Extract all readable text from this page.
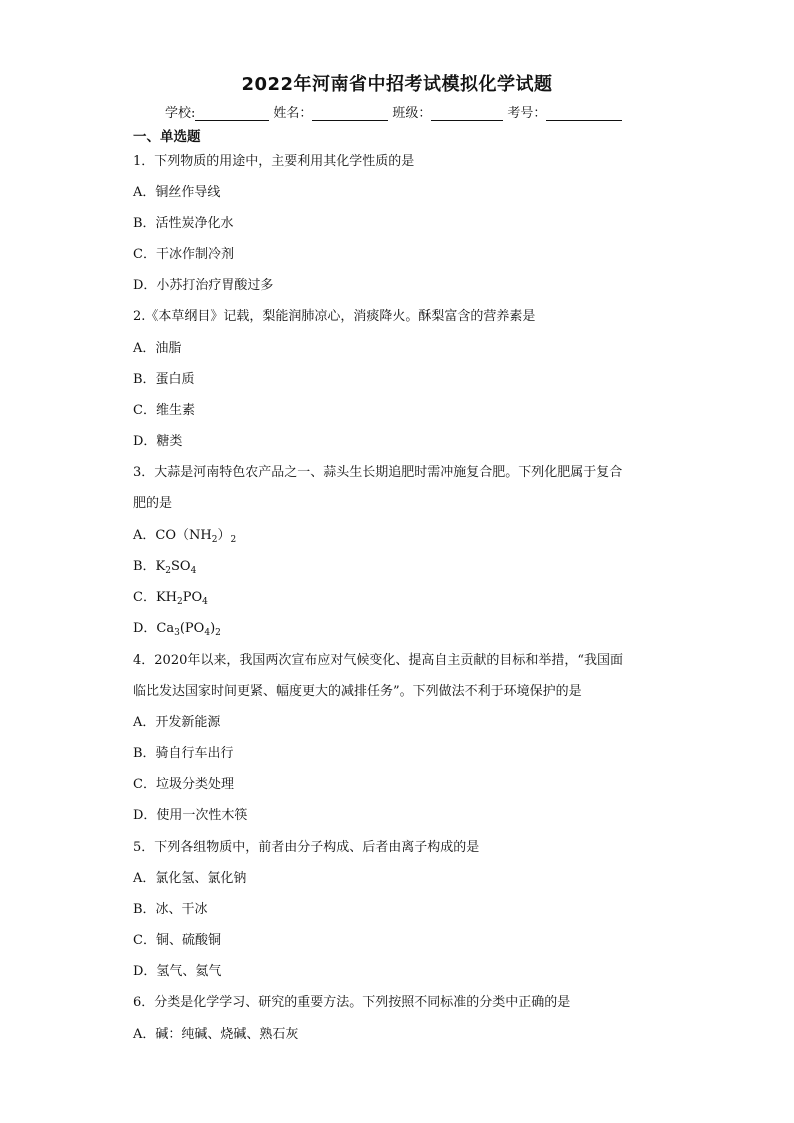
2022年河南省中招考试模拟化学试题
学校:	姓名：	班级：	考号：
一、单选题
1．下列物质的用途中，主要利用其化学性质的是
A．铜丝作导线
B．活性炭净化水
C．干冰作制冷剂
D．小苏打治疗胃酸过多
2.《本草纲目》记载，梨能润肺凉心，消痰降火。酥梨富含的营养素是
A．油脂
B．蛋白质
C．维生素
D．糖类
3．大蒜是河南特色农产品之一、蒜头生长期追肥时需冲施复合肥。下列化肥属于复合
肥的是
A．$CO(NH_2)_2$
B．$K_2SO_4$
C．$KH_2PO_4$
D．$Ca_3(PO_4)_2$
4．2020年以来，我国两次宣布应对气候变化、提高自主贡献的目标和举措，“我国面
临比发达国家时间更紧、幅度更大的减排任务”。下列做法不利于环境保护的是
A．开发新能源
B．骑自行车出行
C．垃圾分类处理
D．使用一次性木筷
5．下列各组物质中，前者由分子构成、后者由离子构成的是
A．氯化氢、氯化钠
B．冰、干冰
C．铜、硫酸铜
D．氢气、氦气
6．分类是化学学习、研究的重要方法。下列按照不同标准的分类中正确的是
A．碱：纯碱、烧碱、熟石灰
